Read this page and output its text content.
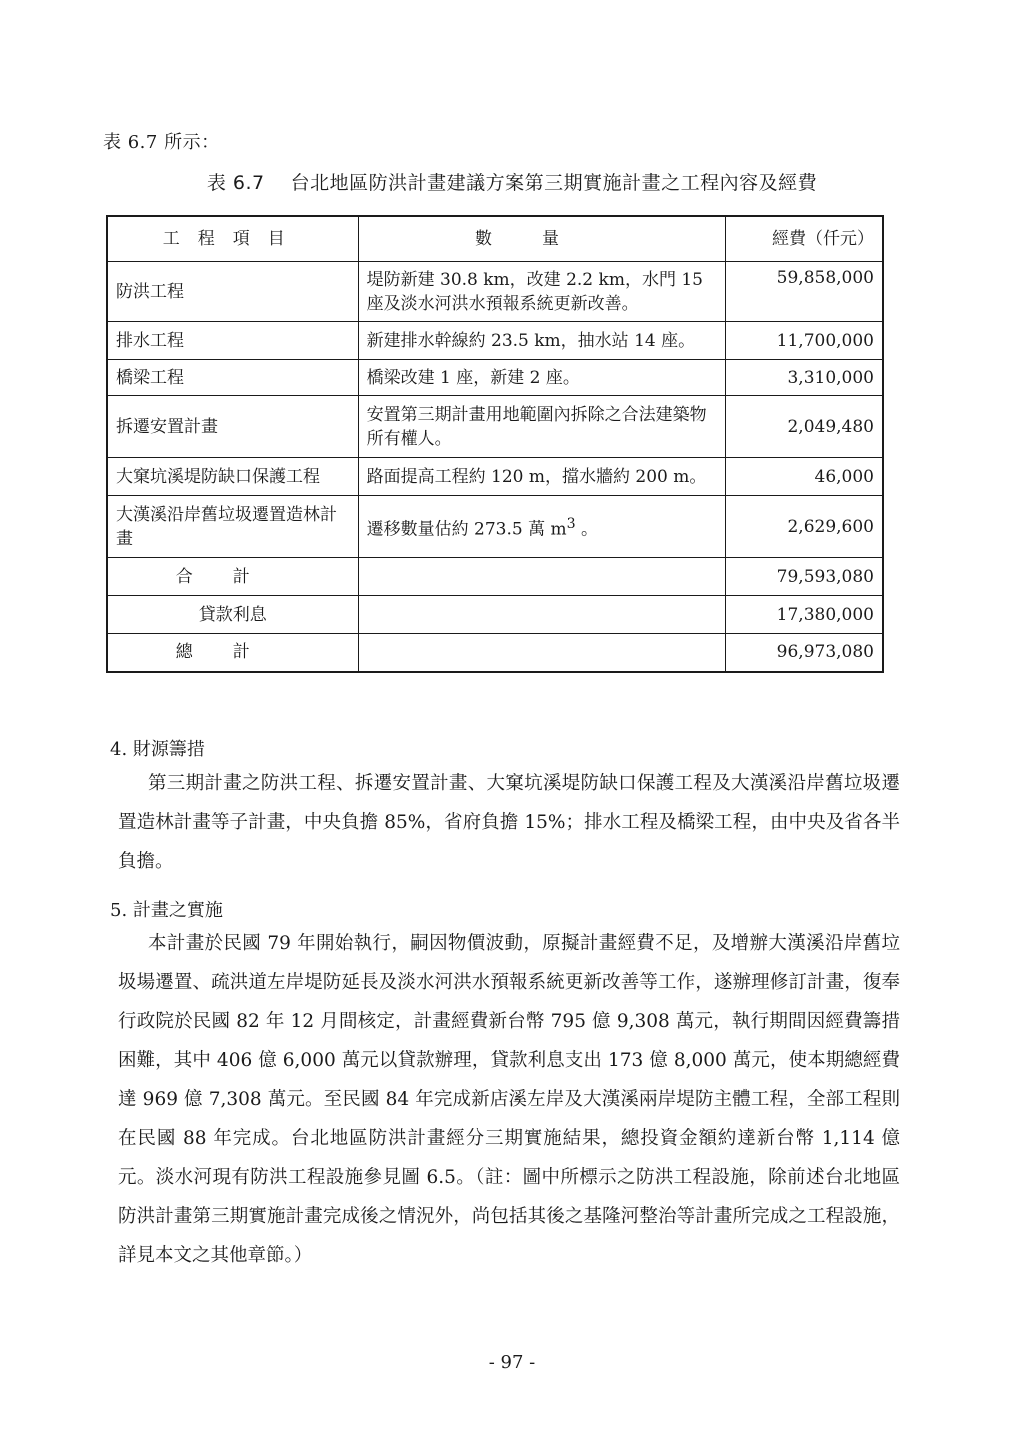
表 6.7 所示：
表 6.7 台北地區防洪計畫建議方案第三期實施計畫之工程內容及經費
工程項目	數量	經費（仟元）
防洪工程	堤防新建 30.8 km，改建 2.2 km，水門 15 座及淡水河洪水預報系統更新改善。	59,858,000
排水工程	新建排水幹線約 23.5 km，抽水站 14 座。	11,700,000
橋梁工程	橋梁改建 1 座，新建 2 座。	3,310,000
拆遷安置計畫	安置第三期計畫用地範圍內拆除之合法建築物所有權人。	2,049,480
大窠坑溪堤防缺口保護工程	路面提高工程約 120 m，擋水牆約 200 m。	46,000
大漢溪沿岸舊垃圾遷置造林計畫	遷移數量估約 273.5 萬 $m^3$ 。	2,629,600
合計		79,593,080
貸款利息		17,380,000
總計		96,973,080
4. 財源籌措

第三期計畫之防洪工程、拆遷安置計畫、大窠坑溪堤防缺口保護工程及大漢溪沿岸舊垃圾遷置造林計畫等子計畫，中央負擔 85%，省府負擔 15%；排水工程及橋梁工程，由中央及省各半負擔。

5. 計畫之實施

本計畫於民國 79 年開始執行，嗣因物價波動，原擬計畫經費不足，及增辦大漢溪沿岸舊垃圾場遷置、疏洪道左岸堤防延長及淡水河洪水預報系統更新改善等工作，遂辦理修訂計畫，復奉行政院於民國 82 年 12 月間核定，計畫經費新台幣 795 億 9,308 萬元，執行期間因經費籌措困難，其中 406 億 6,000 萬元以貸款辦理，貸款利息支出 173 億 8,000 萬元，使本期總經費達 969 億 7,308 萬元。至民國 84 年完成新店溪左岸及大漢溪兩岸堤防主體工程，全部工程則在民國 88 年完成。台北地區防洪計畫經分三期實施結果，總投資金額約達新台幣 1,114 億元。淡水河現有防洪工程設施參見圖 6.5。（註：圖中所標示之防洪工程設施，除前述台北地區防洪計畫第三期實施計畫完成後之情況外，尚包括其後之基隆河整治等計畫所完成之工程設施，詳見本文之其他章節。）

- 97 -
